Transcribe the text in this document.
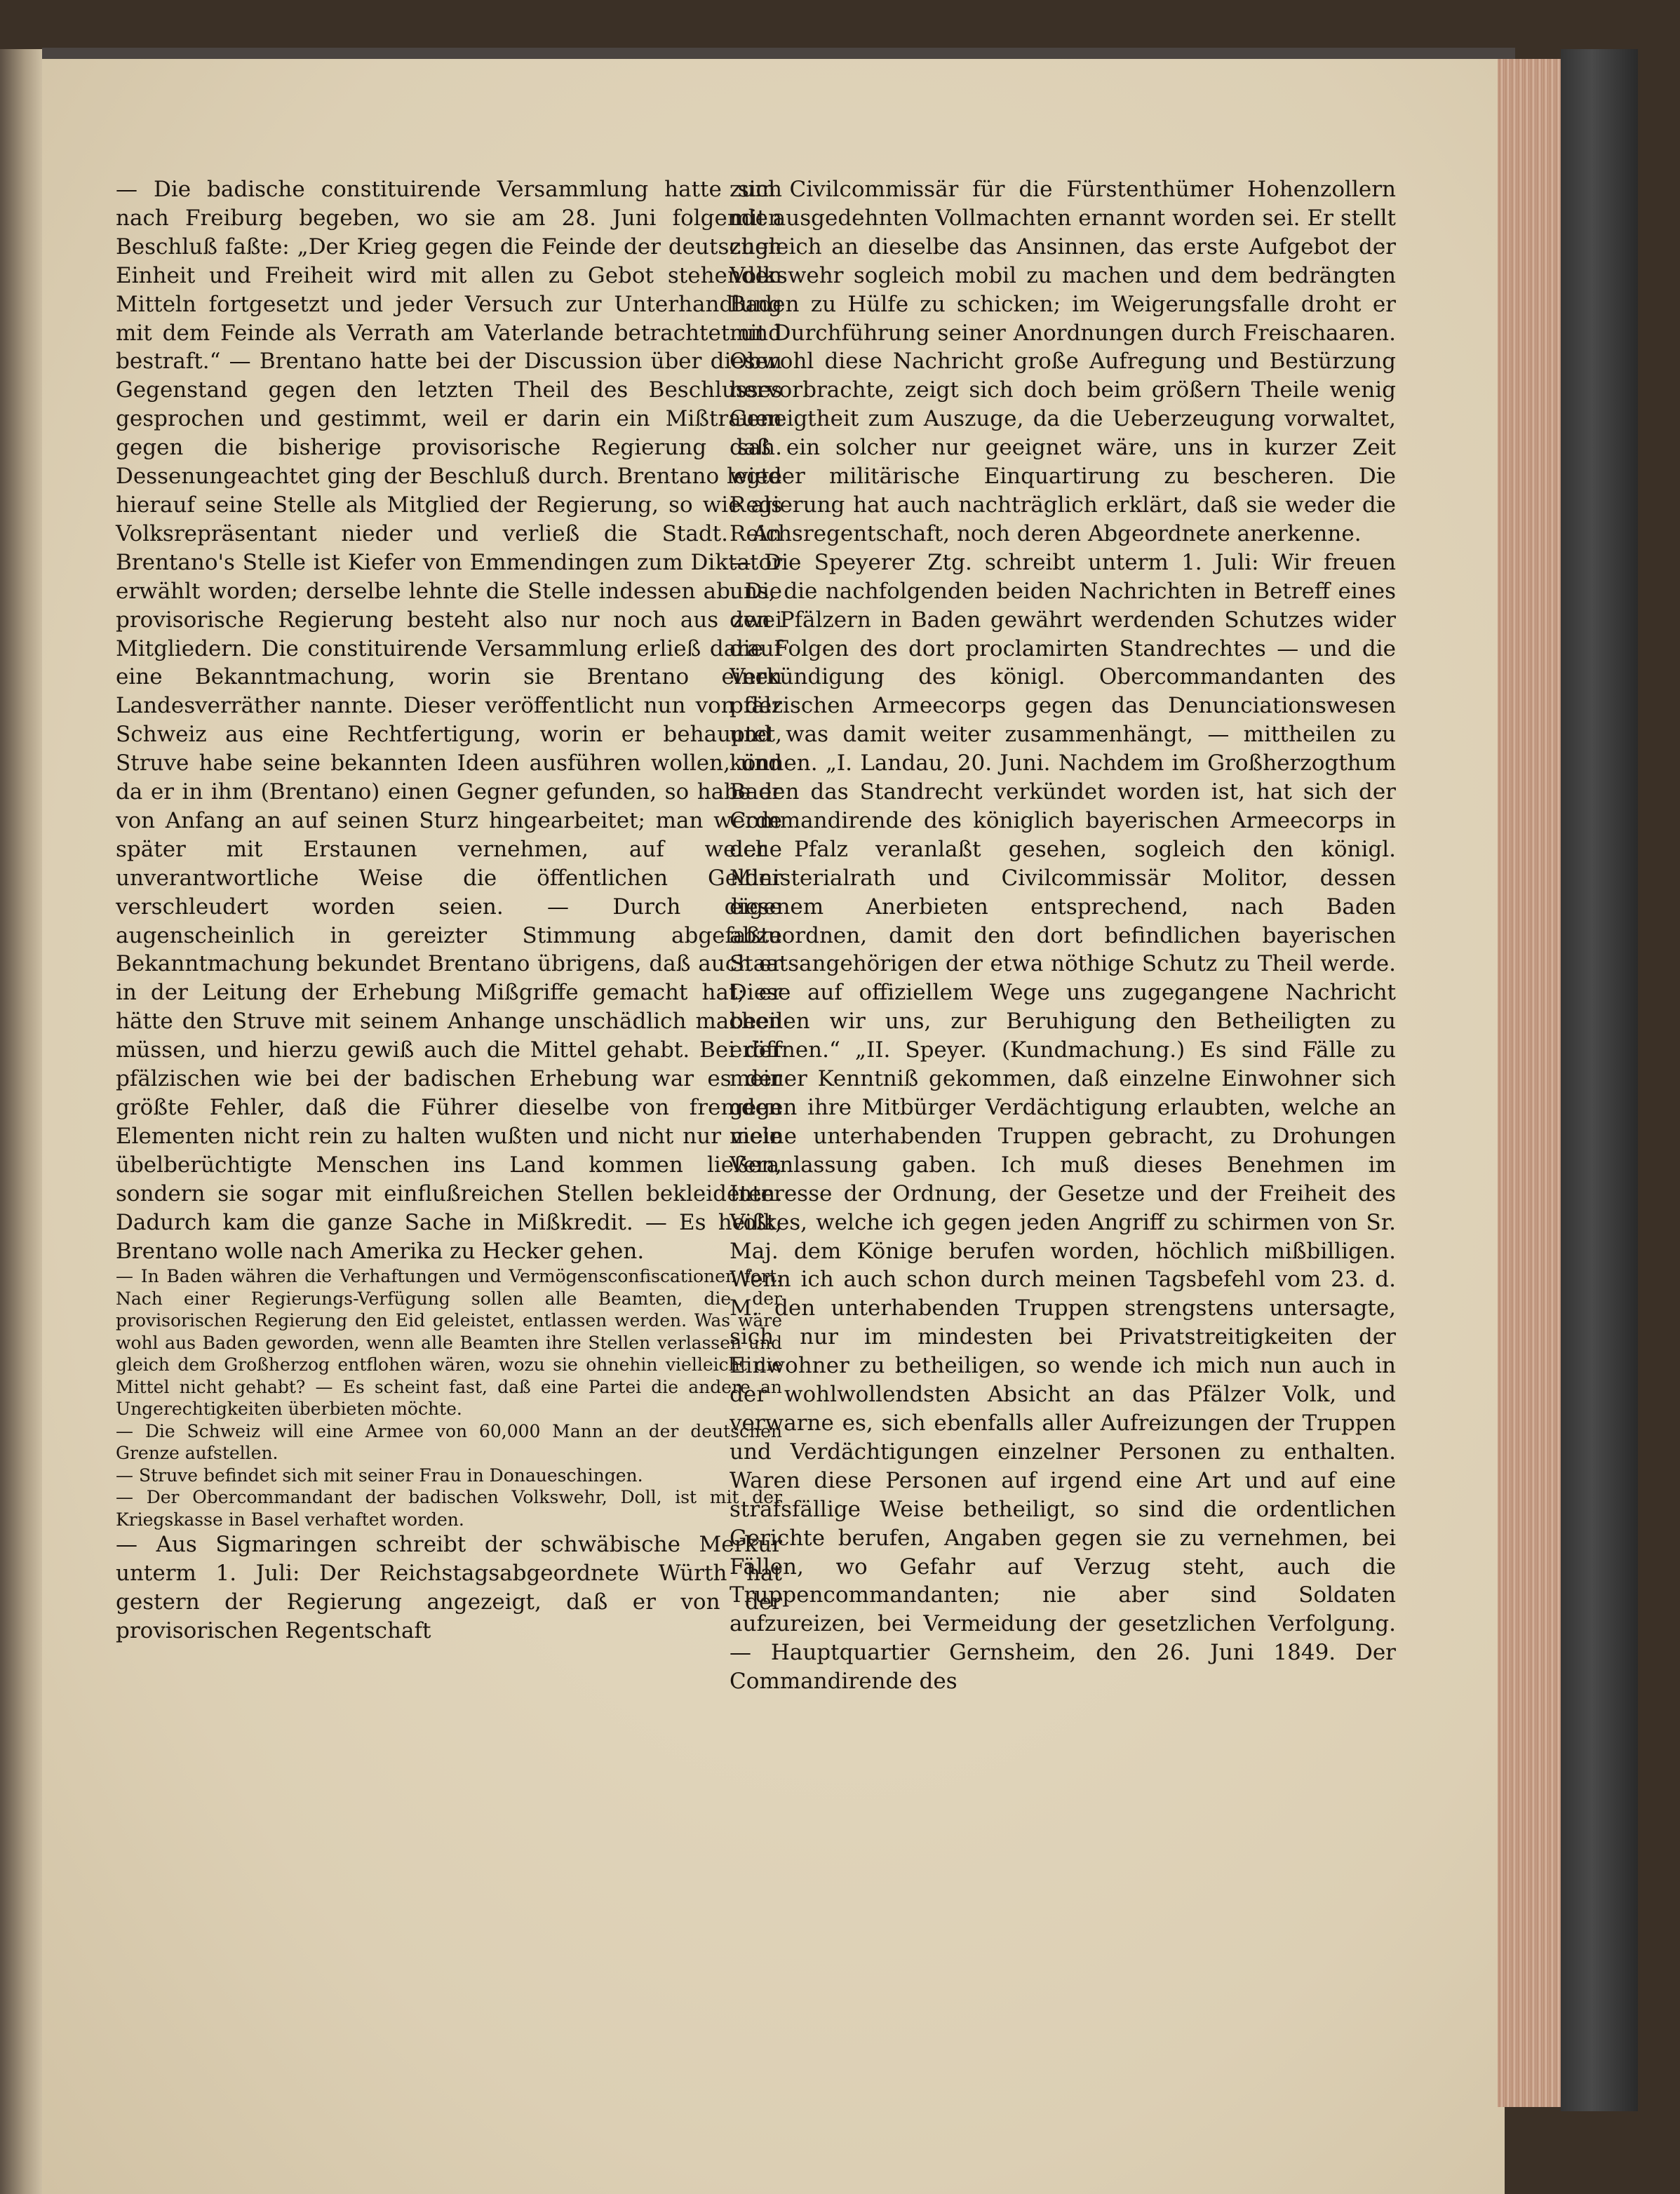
— Die badische constituirende Versammlung hatte sich nach Freiburg begeben, wo sie am 28. Juni folgenden Beschluß faßte: „Der Krieg gegen die Feinde der deutschen Einheit und Freiheit wird mit allen zu Gebot stehenden Mitteln fortgesetzt und jeder Versuch zur Unterhandlung mit dem Feinde als Verrath am Vaterlande betrachtet und bestraft.“ — Brentano hatte bei der Discussion über diesen Gegenstand gegen den letzten Theil des Beschlusses gesprochen und gestimmt, weil er darin ein Mißtrauen gegen die bisherige provisorische Regierung sah. Dessenungeachtet ging der Beschluß durch. Brentano legte hierauf seine Stelle als Mitglied der Regierung, so wie als Volksrepräsentant nieder und verließ die Stadt. An Brentano's Stelle ist Kiefer von Emmendingen zum Diktator erwählt worden; derselbe lehnte die Stelle indessen ab. Die provisorische Regierung besteht also nur noch aus zwei Mitgliedern. Die constituirende Versammlung erließ darauf eine Bekanntmachung, worin sie Brentano einen Landesverräther nannte. Dieser veröffentlicht nun von der Schweiz aus eine Rechtfertigung, worin er behauptet, Struve habe seine bekannten Ideen ausführen wollen, und da er in ihm (Brentano) einen Gegner gefunden, so habe er von Anfang an auf seinen Sturz hingearbeitet; man werde später mit Erstaunen vernehmen, auf welche unverantwortliche Weise die öffentlichen Gelder verschleudert worden seien. — Durch diese augenscheinlich in gereizter Stimmung abgefaßte Bekanntmachung bekundet Brentano übrigens, daß auch er in der Leitung der Erhebung Mißgriffe gemacht hat; er hätte den Struve mit seinem Anhange unschädlich machen müssen, und hierzu gewiß auch die Mittel gehabt. Bei der pfälzischen wie bei der badischen Erhebung war es der größte Fehler, daß die Führer dieselbe von fremden Elementen nicht rein zu halten wußten und nicht nur viele übelberüchtigte Menschen ins Land kommen ließen, sondern sie sogar mit einflußreichen Stellen bekleideten. Dadurch kam die ganze Sache in Mißkredit. — Es heißt, Brentano wolle nach Amerika zu Hecker gehen.

— In Baden währen die Verhaftungen und Vermögensconfiscationen fort. Nach einer Regierungs-Verfügung sollen alle Beamten, die der provisorischen Regierung den Eid geleistet, entlassen werden. Was wäre wohl aus Baden geworden, wenn alle Beamten ihre Stellen verlassen und gleich dem Großherzog entflohen wären, wozu sie ohnehin vielleicht die Mittel nicht gehabt? — Es scheint fast, daß eine Partei die andere an Ungerechtigkeiten überbieten möchte.

— Die Schweiz will eine Armee von 60,000 Mann an der deutschen Grenze aufstellen.

— Struve befindet sich mit seiner Frau in Donaueschingen.

— Der Obercommandant der badischen Volkswehr, Doll, ist mit der Kriegskasse in Basel verhaftet worden.

— Aus Sigmaringen schreibt der schwäbische Merkur unterm 1. Juli: Der Reichstagsabgeordnete Würth hat gestern der Regierung angezeigt, daß er von der provisorischen Regentschaft

zum Civilcommissär für die Fürstenthümer Hohenzollern mit ausgedehnten Vollmachten ernannt worden sei. Er stellt zugleich an dieselbe das Ansinnen, das erste Aufgebot der Volkswehr sogleich mobil zu machen und dem bedrängten Baden zu Hülfe zu schicken; im Weigerungsfalle droht er mit Durchführung seiner Anordnungen durch Freischaaren. Obwohl diese Nachricht große Aufregung und Bestürzung hervorbrachte, zeigt sich doch beim größern Theile wenig Geneigtheit zum Auszuge, da die Ueberzeugung vorwaltet, daß ein solcher nur geeignet wäre, uns in kurzer Zeit wieder militärische Einquartirung zu bescheren. Die Regierung hat auch nachträglich erklärt, daß sie weder die Reichsregentschaft, noch deren Abgeordnete anerkenne.

— Die Speyerer Ztg. schreibt unterm 1. Juli: Wir freuen uns, die nachfolgenden beiden Nachrichten in Betreff eines den Pfälzern in Baden gewährt werdenden Schutzes wider die Folgen des dort proclamirten Standrechtes — und die Verkündigung des königl. Obercommandanten des pfälzischen Armeecorps gegen das Denunciationswesen und was damit weiter zusammenhängt, — mittheilen zu können. „I. Landau, 20. Juni. Nachdem im Großherzogthum Baden das Standrecht verkündet worden ist, hat sich der Commandirende des königlich bayerischen Armeecorps in der Pfalz veranlaßt gesehen, sogleich den königl. Ministerialrath und Civilcommissär Molitor, dessen eigenem Anerbieten entsprechend, nach Baden abzuordnen, damit den dort befindlichen bayerischen Staatsangehörigen der etwa nöthige Schutz zu Theil werde. Diese auf offiziellem Wege uns zugegangene Nachricht beeilen wir uns, zur Beruhigung den Betheiligten zu eröffnen.“ „II. Speyer. (Kundmachung.) Es sind Fälle zu meiner Kenntniß gekommen, daß einzelne Einwohner sich gegen ihre Mitbürger Verdächtigung erlaubten, welche an meine unterhabenden Truppen gebracht, zu Drohungen Veranlassung gaben. Ich muß dieses Benehmen im Interesse der Ordnung, der Gesetze und der Freiheit des Volkes, welche ich gegen jeden Angriff zu schirmen von Sr. Maj. dem Könige berufen worden, höchlich mißbilligen. Wenn ich auch schon durch meinen Tagsbefehl vom 23. d. M. den unterhabenden Truppen strengstens untersagte, sich nur im mindesten bei Privatstreitigkeiten der Einwohner zu betheiligen, so wende ich mich nun auch in der wohlwollendsten Absicht an das Pfälzer Volk, und verwarne es, sich ebenfalls aller Aufreizungen der Truppen und Verdächtigungen einzelner Personen zu enthalten. Waren diese Personen auf irgend eine Art und auf eine strafsfällige Weise betheiligt, so sind die ordentlichen Gerichte berufen, Angaben gegen sie zu vernehmen, bei Fällen, wo Gefahr auf Verzug steht, auch die Truppencommandanten; nie aber sind Soldaten aufzureizen, bei Vermeidung der gesetzlichen Verfolgung. — Hauptquartier Gernsheim, den 26. Juni 1849. Der Commandirende des
